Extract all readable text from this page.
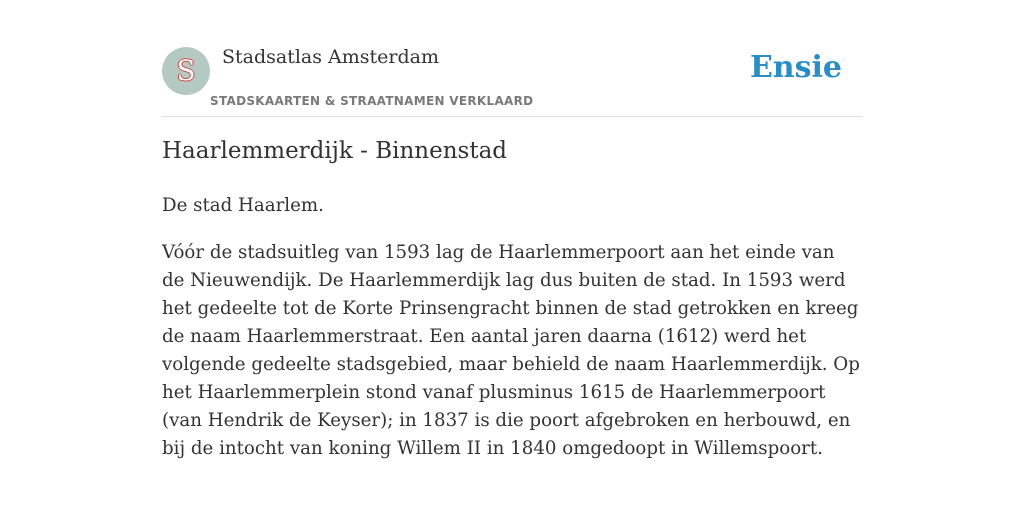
S	Stadsatlas Amsterdam
STADSKAARTEN & STRAATNAMEN VERKLAARD
Ensie
Haarlemmerdijk - Binnenstad

De stad Haarlem.

Vóór de stadsuitleg van 1593 lag de Haarlemmerpoort aan het einde van de Nieuwendijk. De Haarlemmerdijk lag dus buiten de stad. In 1593 werd het gedeelte tot de Korte Prinsengracht binnen de stad getrokken en kreeg de naam Haarlemmerstraat. Een aantal jaren daarna (1612) werd het volgende gedeelte stadsgebied, maar behield de naam Haarlemmerdijk. Op het Haarlemmerplein stond vanaf plusminus 1615 de Haarlemmerpoort (van Hendrik de Keyser); in 1837 is die poort afgebroken en herbouwd, en bij de intocht van koning Willem II in 1840 omgedoopt in Willemspoort.
